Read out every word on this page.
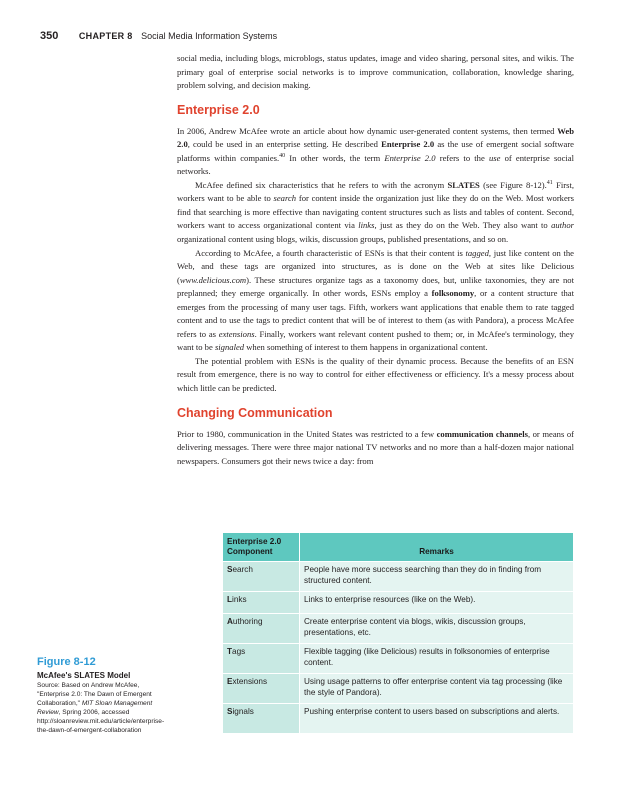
350 CHAPTER 8 Social Media Information Systems

social media, including blogs, microblogs, status updates, image and video sharing, personal sites, and wikis. The primary goal of enterprise social networks is to improve communication, collaboration, knowledge sharing, problem solving, and decision making.

Enterprise 2.0

In 2006, Andrew McAfee wrote an article about how dynamic user-generated content systems, then termed Web 2.0, could be used in an enterprise setting. He described Enterprise 2.0 as the use of emergent social software platforms within companies.$^{40}$ In other words, the term Enterprise 2.0 refers to the use of enterprise social networks.

McAfee defined six characteristics that he refers to with the acronym SLATES (see Figure 8-12).$^{41}$ First, workers want to be able to search for content inside the organization just like they do on the Web. Most workers find that searching is more effective than navigating content structures such as lists and tables of content. Second, workers want to access organizational content via links, just as they do on the Web. They also want to author organizational content using blogs, wikis, discussion groups, published presentations, and so on.

According to McAfee, a fourth characteristic of ESNs is that their content is tagged, just like content on the Web, and these tags are organized into structures, as is done on the Web at sites like Delicious (www.delicious.com). These structures organize tags as a taxonomy does, but, unlike taxonomies, they are not preplanned; they emerge organically. In other words, ESNs employ a folksonomy, or a content structure that emerges from the processing of many user tags. Fifth, workers want applications that enable them to rate tagged content and to use the tags to predict content that will be of interest to them (as with Pandora), a process McAfee refers to as extensions. Finally, workers want relevant content pushed to them; or, in McAfee's terminology, they want to be signaled when something of interest to them happens in organizational content.

The potential problem with ESNs is the quality of their dynamic process. Because the benefits of an ESN result from emergence, there is no way to control for either effectiveness or efficiency. It's a messy process about which little can be predicted.

Changing Communication

Prior to 1980, communication in the United States was restricted to a few communication channels, or means of delivering messages. There were three major national TV networks and no more than a half-dozen major national newspapers. Consumers got their news twice a day: from

Enterprise 2.0 Component	Remarks
Search	People have more success searching than they do in finding from structured content.
Links	Links to enterprise resources (like on the Web).
Authoring	Create enterprise content via blogs, wikis, discussion groups, presentations, etc.
Tags	Flexible tagging (like Delicious) results in folksonomies of enterprise content.
Extensions	Using usage patterns to offer enterprise content via tag processing (like the style of Pandora).
Signals	Pushing enterprise content to users based on subscriptions and alerts.
Figure 8-12
McAfee's SLATES Model
Source: Based on Andrew McAfee, "Enterprise 2.0: The Dawn of Emergent Collaboration," MIT Sloan Management Review, Spring 2006, accessed http://sloanreview.mit.edu/article/enterprise-the-dawn-of-emergent-collaboration
